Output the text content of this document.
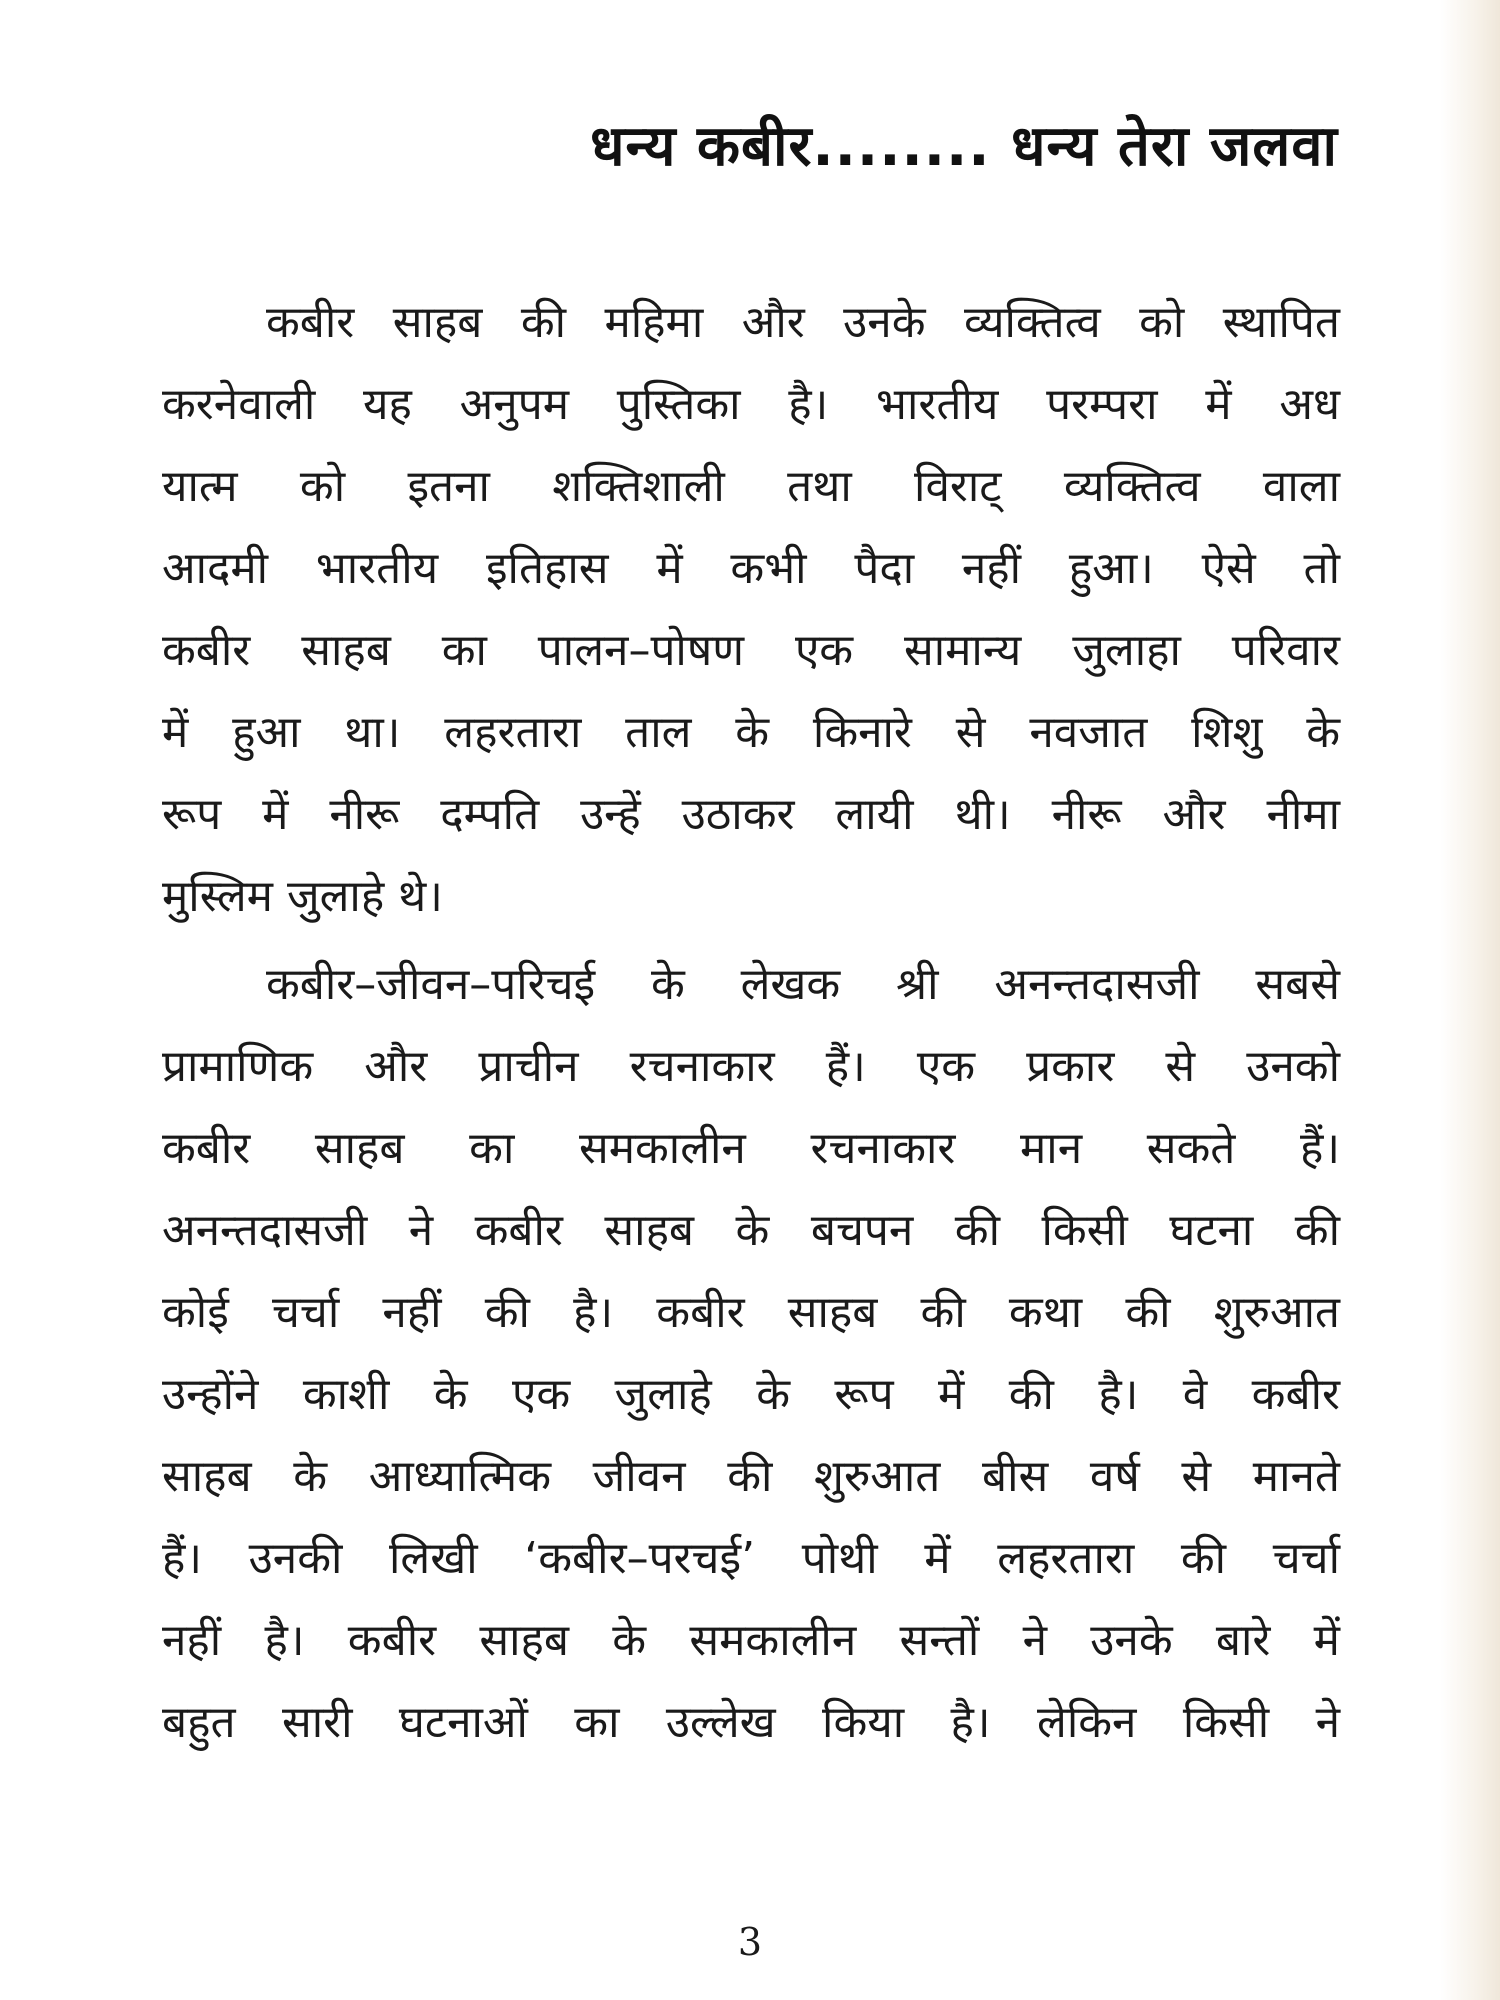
धन्य कबीर........ धन्य तेरा जलवा
कबीर साहब की महिमा और उनके व्यक्तित्व को स्थापित
करनेवाली यह अनुपम पुस्तिका है। भारतीय परम्परा में अध
यात्म को इतना शक्तिशाली तथा विराट् व्यक्तित्व वाला
आदमी भारतीय इतिहास में कभी पैदा नहीं हुआ। ऐसे तो
कबीर साहब का पालन–पोषण एक सामान्य जुलाहा परिवार
में हुआ था। लहरतारा ताल के किनारे से नवजात शिशु के
रूप में नीरू दम्पति उन्हें उठाकर लायी थी। नीरू और नीमा
मुस्लिम जुलाहे थे।
कबीर–जीवन–परिचई के लेखक श्री अनन्तदासजी सबसे
प्रामाणिक और प्राचीन रचनाकार हैं। एक प्रकार से उनको
कबीर साहब का समकालीन रचनाकार मान सकते हैं।
अनन्तदासजी ने कबीर साहब के बचपन की किसी घटना की
कोई चर्चा नहीं की है। कबीर साहब की कथा की शुरुआत
उन्होंने काशी के एक जुलाहे के रूप में की है। वे कबीर
साहब के आध्यात्मिक जीवन की शुरुआत बीस वर्ष से मानते
हैं। उनकी लिखी ‘कबीर–परचई’ पोथी में लहरतारा की चर्चा
नहीं है। कबीर साहब के समकालीन सन्तों ने उनके बारे में
बहुत सारी घटनाओं का उल्लेख किया है। लेकिन किसी ने
3
